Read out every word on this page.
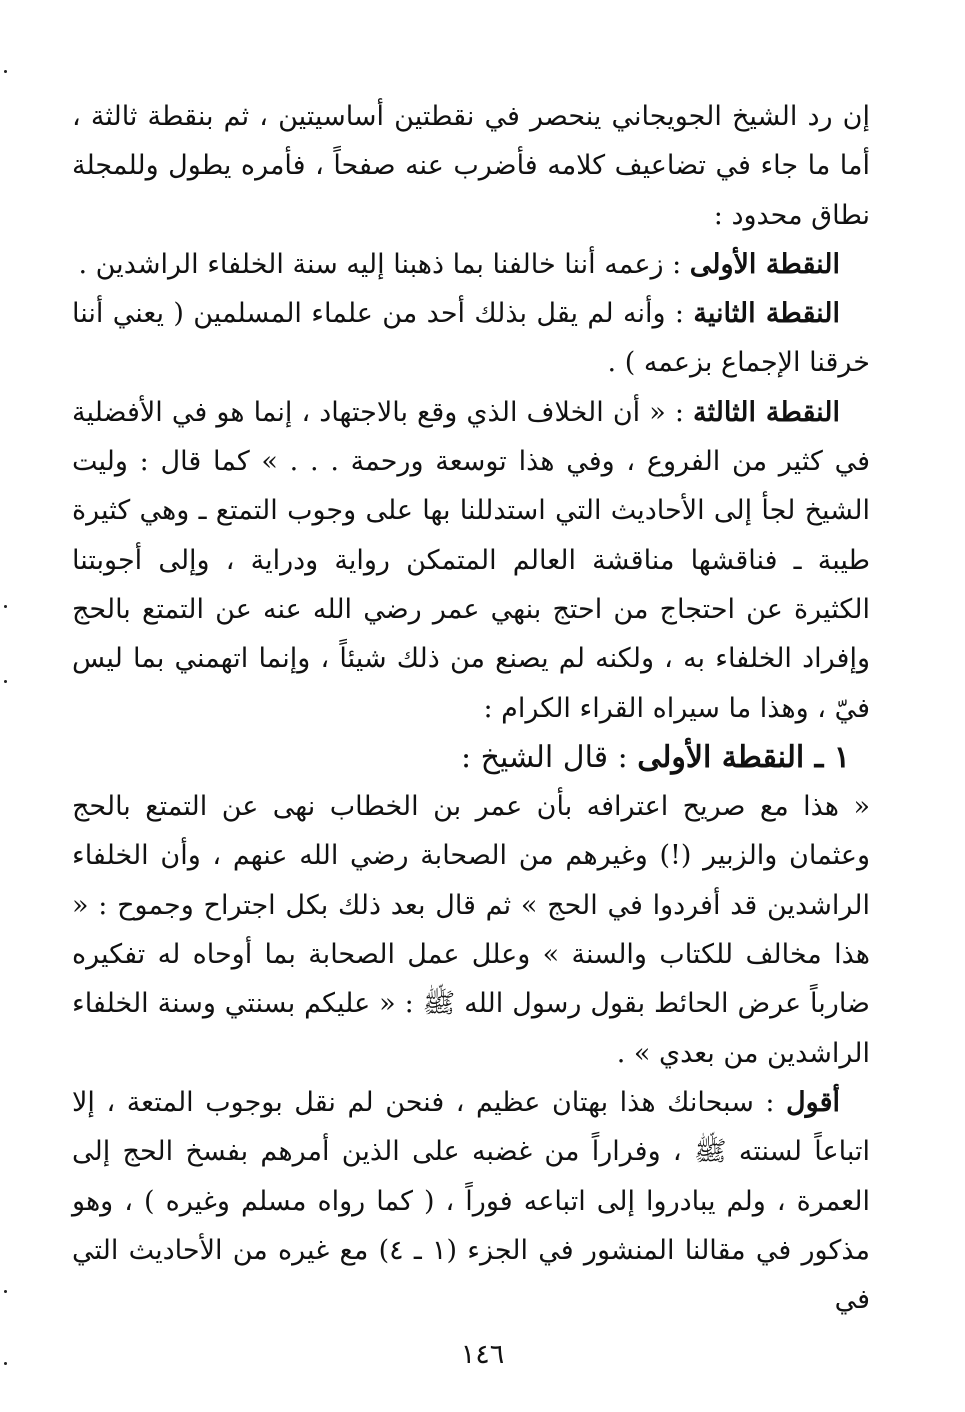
إن رد الشيخ الجويجاني ينحصر في نقطتين أساسيتين ، ثم بنقطة ثالثة ، أما ما جاء في تضاعيف كلامه فأضرب عنه صفحاً ، فأمره يطول وللمجلة نطاق محدود :

النقطة الأولى : زعمه أننا خالفنا بما ذهبنا إليه سنة الخلفاء الراشدين .

النقطة الثانية : وأنه لم يقل بذلك أحد من علماء المسلمين ( يعني أننا خرقنا الإجماع بزعمه ) .

النقطة الثالثة : « أن الخلاف الذي وقع بالاجتهاد ، إنما هو في الأفضلية في كثير من الفروع ، وفي هذا توسعة ورحمة . . . » كما قال : وليت الشيخ لجأ إلى الأحاديث التي استدللنا بها على وجوب التمتع ـ وهي كثيرة طيبة ـ فناقشها مناقشة العالم المتمكن رواية ودراية ، وإلى أجوبتنا الكثيرة عن احتجاج من احتج بنهي عمر رضي الله عنه عن التمتع بالحج وإفراد الخلفاء به ، ولكنه لم يصنع من ذلك شيئاً ، وإنما اتهمني بما ليس فيّ ، وهذا ما سيراه القراء الكرام :

١ ـ النقطة الأولى : قال الشيخ :

« هذا مع صريح اعترافه بأن عمر بن الخطاب نهى عن التمتع بالحج وعثمان والزبير (!) وغيرهم من الصحابة رضي الله عنهم ، وأن الخلفاء الراشدين قد أفردوا في الحج » ثم قال بعد ذلك بكل اجتراح وجموح : « هذا مخالف للكتاب والسنة » وعلل عمل الصحابة بما أوحاه له تفكيره ضارباً عرض الحائط بقول رسول الله ﷺ : « عليكم بسنتي وسنة الخلفاء الراشدين من بعدي » .

أقول : سبحانك هذا بهتان عظيم ، فنحن لم نقل بوجوب المتعة ، إلا اتباعاً لسنته ﷺ ، وفراراً من غضبه على الذين أمرهم بفسخ الحج إلى العمرة ، ولم يبادروا إلى اتباعه فوراً ، ( كما رواه مسلم وغيره ) ، وهو مذكور في مقالنا المنشور في الجزء (١ ـ ٤) مع غيره من الأحاديث التي في

١٤٦
